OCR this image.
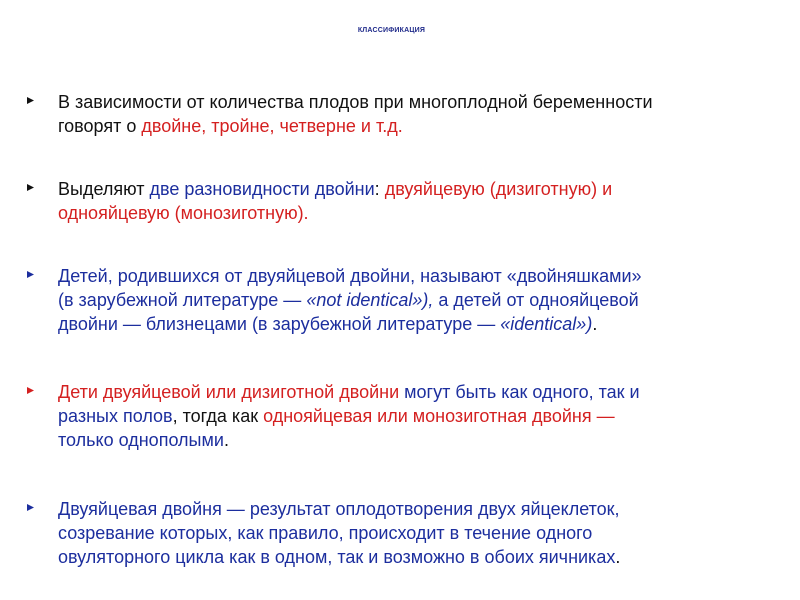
КЛАССИФИКАЦИЯ
В зависимости от количества плодов при многоплодной беременности
говорят о двойне, тройне, четверне и т.д.
Выделяют две разновидности двойни: двуяйцевую (дизиготную) и
однояйцевую (монозиготную).
Детей, родившихся от двуяйцевой двойни, называют «двойняшками»
(в зарубежной литературе — «not identical»), а детей от однояйцевой
двойни — близнецами (в зарубежной литературе — «identical»).
Дети двуяйцевой или дизиготной двойни могут быть как одного, так и
разных полов, тогда как однояйцевая или монозиготная двойня —
только однополыми.
Двуяйцевая двойня — результат оплодотворения двух яйцеклеток,
созревание которых, как правило, происходит в течение одного
овуляторного цикла как в одном, так и возможно в обоих яичниках.
